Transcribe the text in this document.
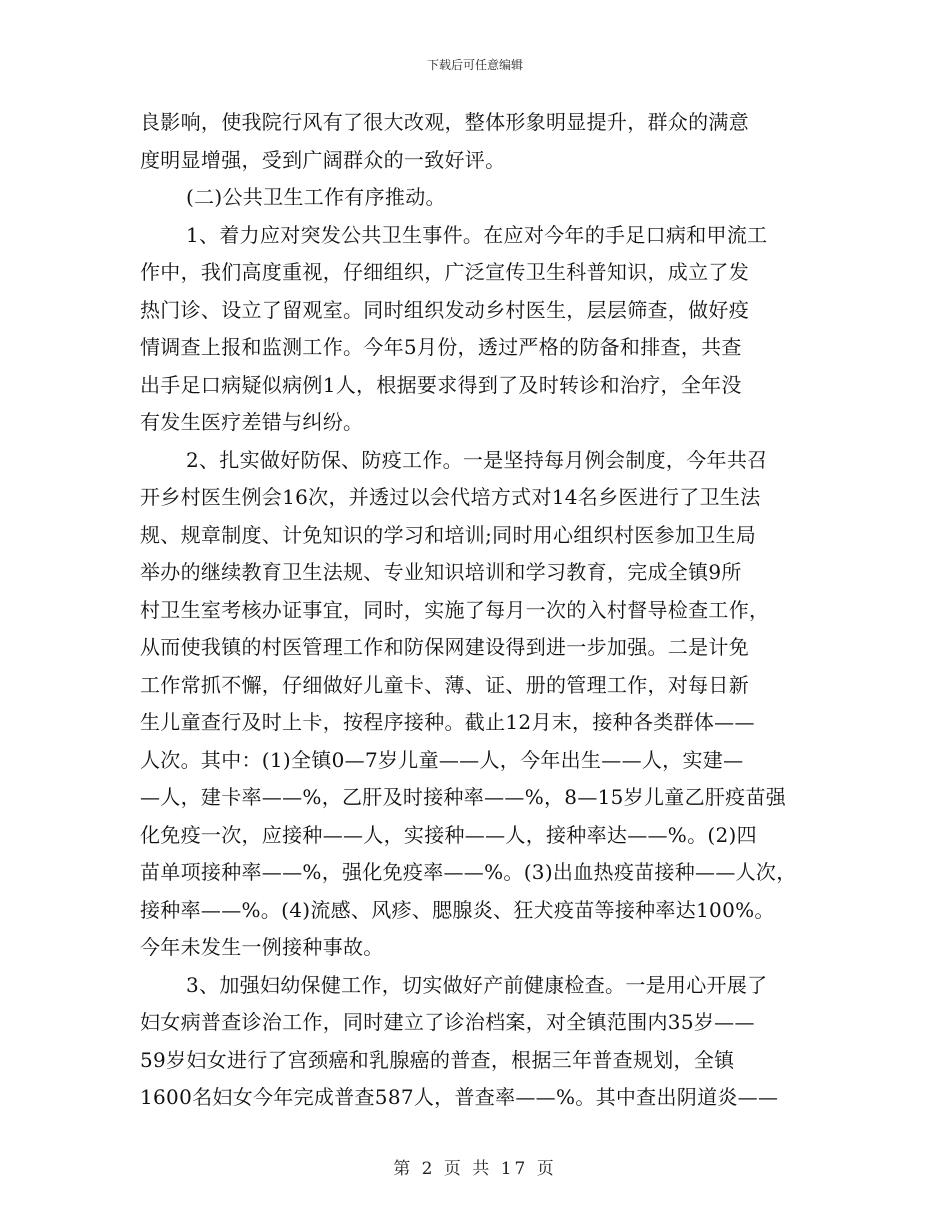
下载后可任意编辑
良影响，使我院行风有了很大改观，整体形象明显提升，群众的满意
度明显增强，受到广阔群众的一致好评。
(二)公共卫生工作有序推动。
1、着力应对突发公共卫生事件。在应对今年的手足口病和甲流工
作中，我们高度重视，仔细组织，广泛宣传卫生科普知识，成立了发
热门诊、设立了留观室。同时组织发动乡村医生，层层筛查，做好疫
情调查上报和监测工作。今年5月份，透过严格的防备和排查，共查
出手足口病疑似病例1人，根据要求得到了及时转诊和治疗，全年没
有发生医疗差错与纠纷。
2、扎实做好防保、防疫工作。一是坚持每月例会制度，今年共召
开乡村医生例会16次，并透过以会代培方式对14名乡医进行了卫生法
规、规章制度、计免知识的学习和培训;同时用心组织村医参加卫生局
举办的继续教育卫生法规、专业知识培训和学习教育，完成全镇9所
村卫生室考核办证事宜，同时，实施了每月一次的入村督导检查工作，
从而使我镇的村医管理工作和防保网建设得到进一步加强。二是计免
工作常抓不懈，仔细做好儿童卡、薄、证、册的管理工作，对每日新
生儿童查行及时上卡，按程序接种。截止12月末，接种各类群体——
人次。其中：(1)全镇0—7岁儿童——人，今年出生——人，实建—
—人，建卡率——%，乙肝及时接种率——%，8—15岁儿童乙肝疫苗强
化免疫一次，应接种——人，实接种——人，接种率达——%。(2)四
苗单项接种率——%，强化免疫率——%。(3)出血热疫苗接种——人次，
接种率——%。(4)流感、风疹、腮腺炎、狂犬疫苗等接种率达100%。
今年未发生一例接种事故。
3、加强妇幼保健工作，切实做好产前健康检查。一是用心开展了
妇女病普查诊治工作，同时建立了诊治档案，对全镇范围内35岁——
59岁妇女进行了宫颈癌和乳腺癌的普查，根据三年普查规划，全镇
1600名妇女今年完成普查587人，普查率——%。其中查出阴道炎——
第 2 页 共 17 页
